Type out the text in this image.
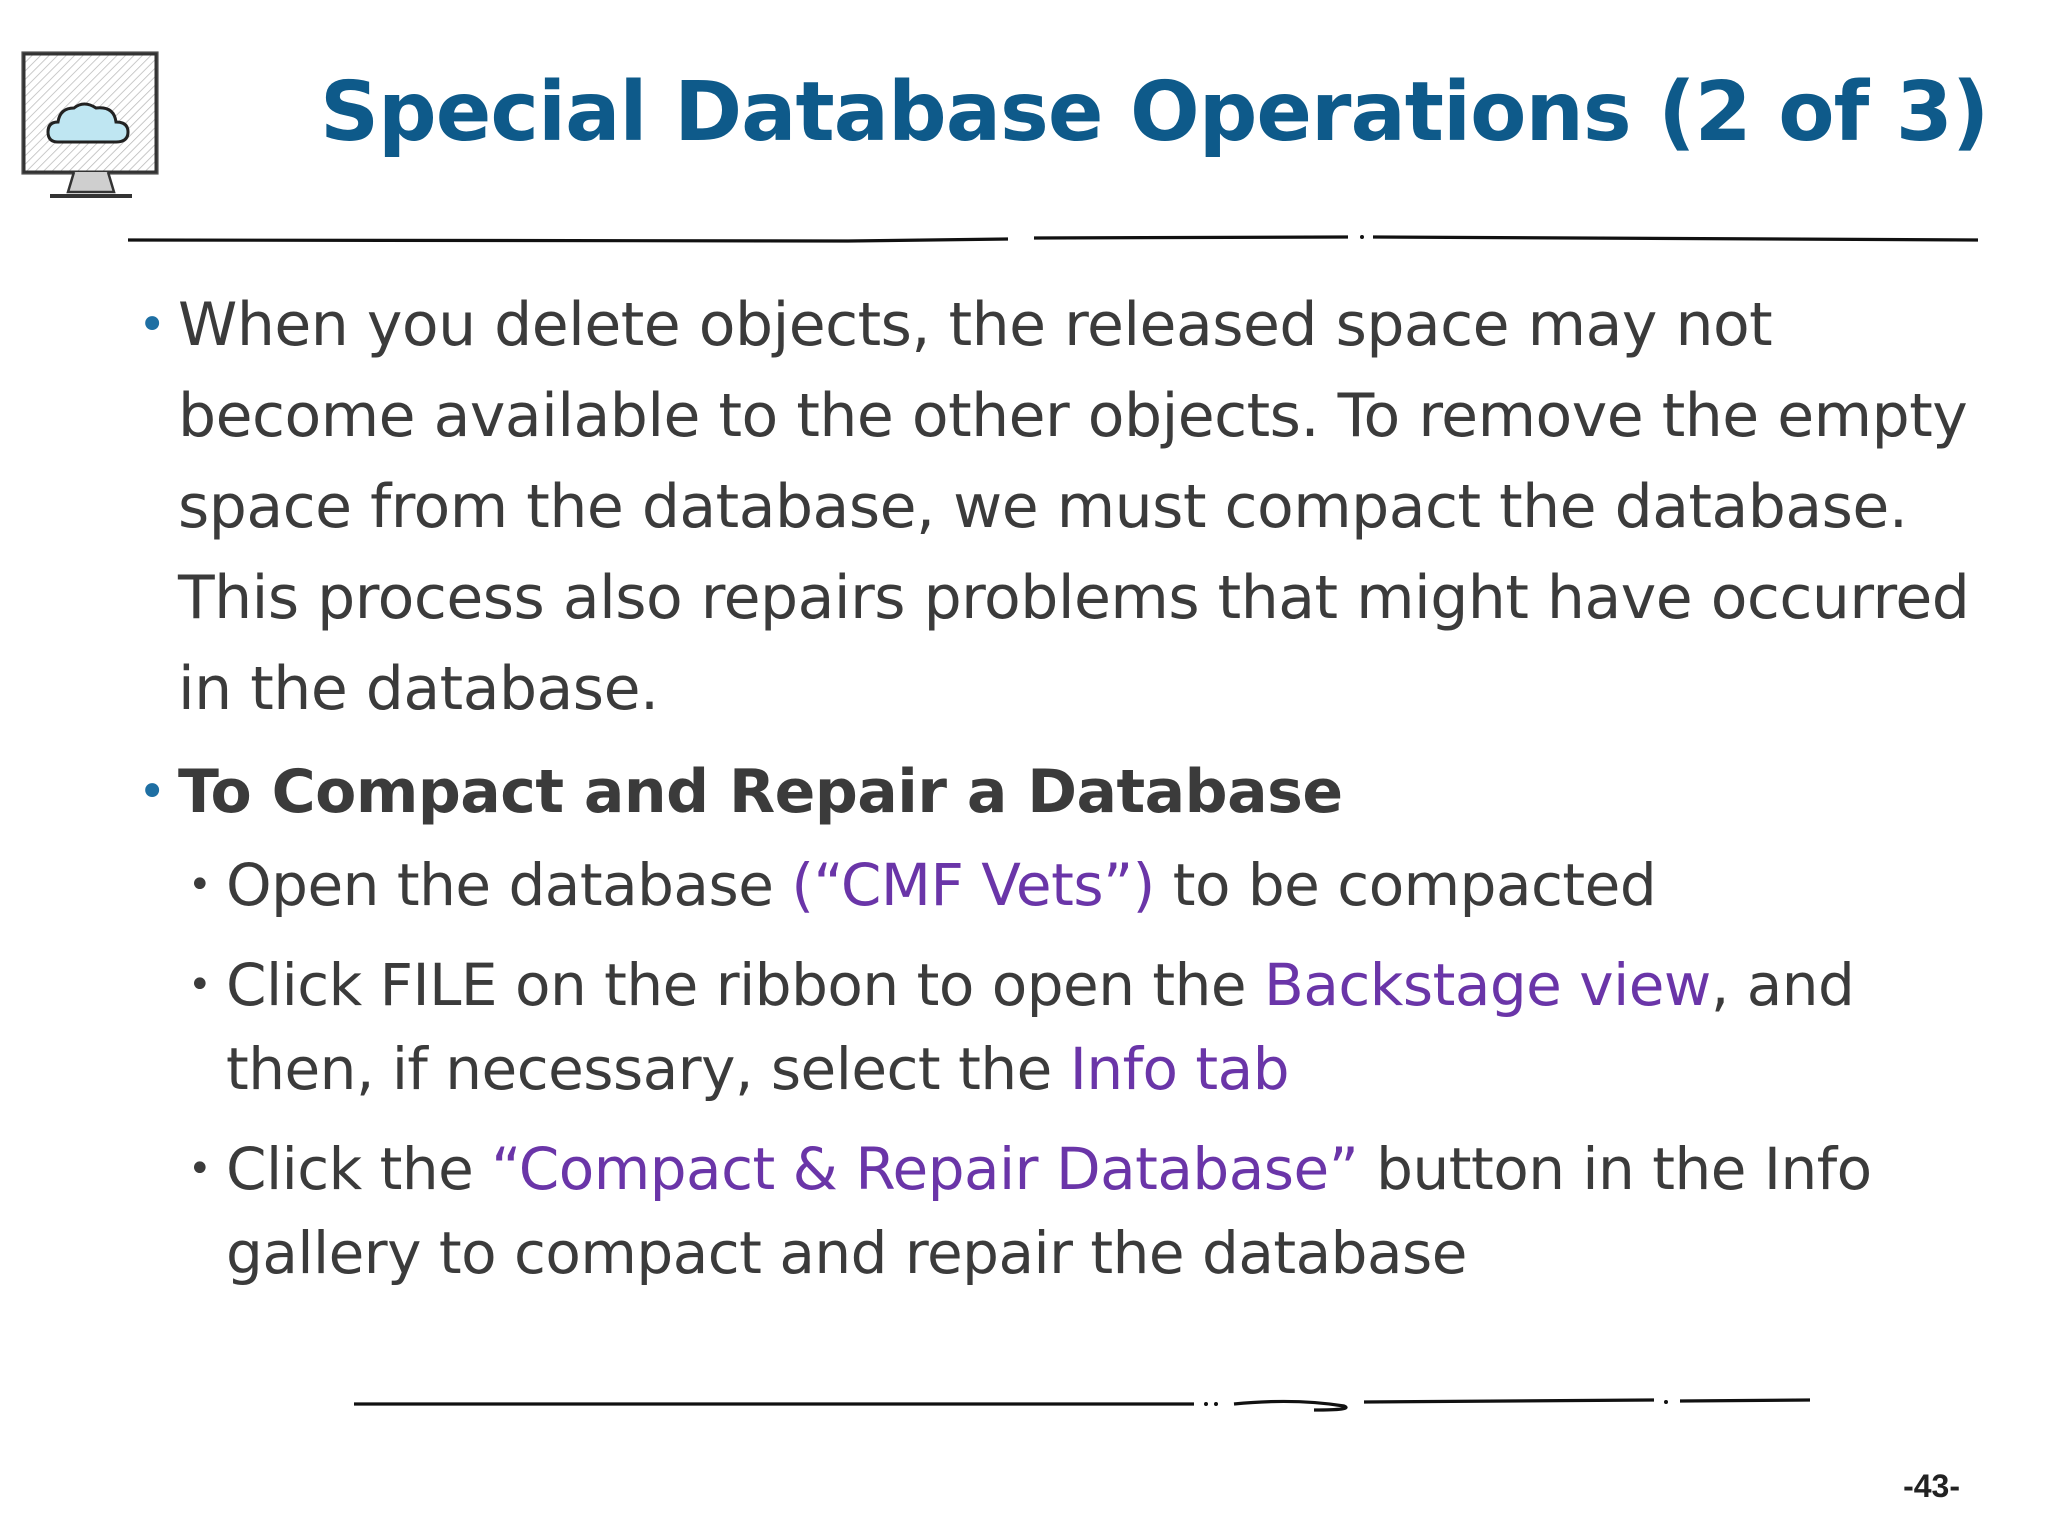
Special Database Operations (2 of 3)
• When you delete objects, the released space may not become available to the other objects. To remove the empty space from the database, we must compact the database. This process also repairs problems that might have occurred in the database.
• To Compact and Repair a Database
• Open the database (“CMF Vets”) to be compacted
• Click FILE on the ribbon to open the Backstage view, and then, if necessary, select the Info tab
• Click the “Compact & Repair Database” button in the Info gallery to compact and repair the database
-43-
